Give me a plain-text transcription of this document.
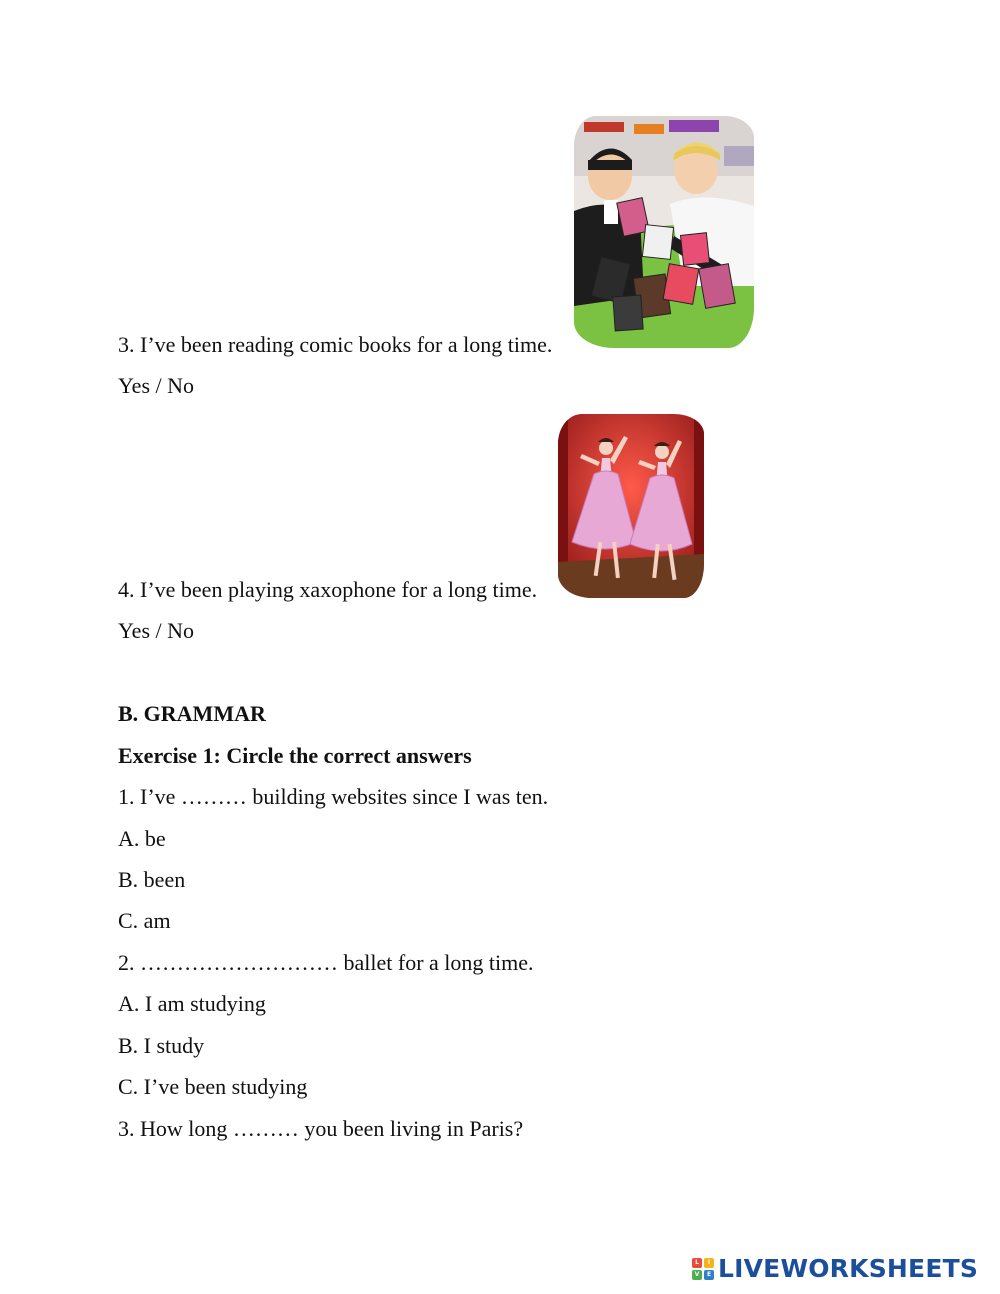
3. I’ve been reading comic books for a long time.
Yes / No
4. I’ve been playing xaxophone for a long time.
Yes / No
B. GRAMMAR
Exercise 1: Circle the correct answers
1. I’ve ……… building websites since I was ten.
A. be
B. been
C. am
2. ……………………… ballet for a long time.
A. I am studying
B. I study
C. I’ve been studying
3. How long ……… you been living in Paris?
L	I
V	E LIVEWORKSHEETS
